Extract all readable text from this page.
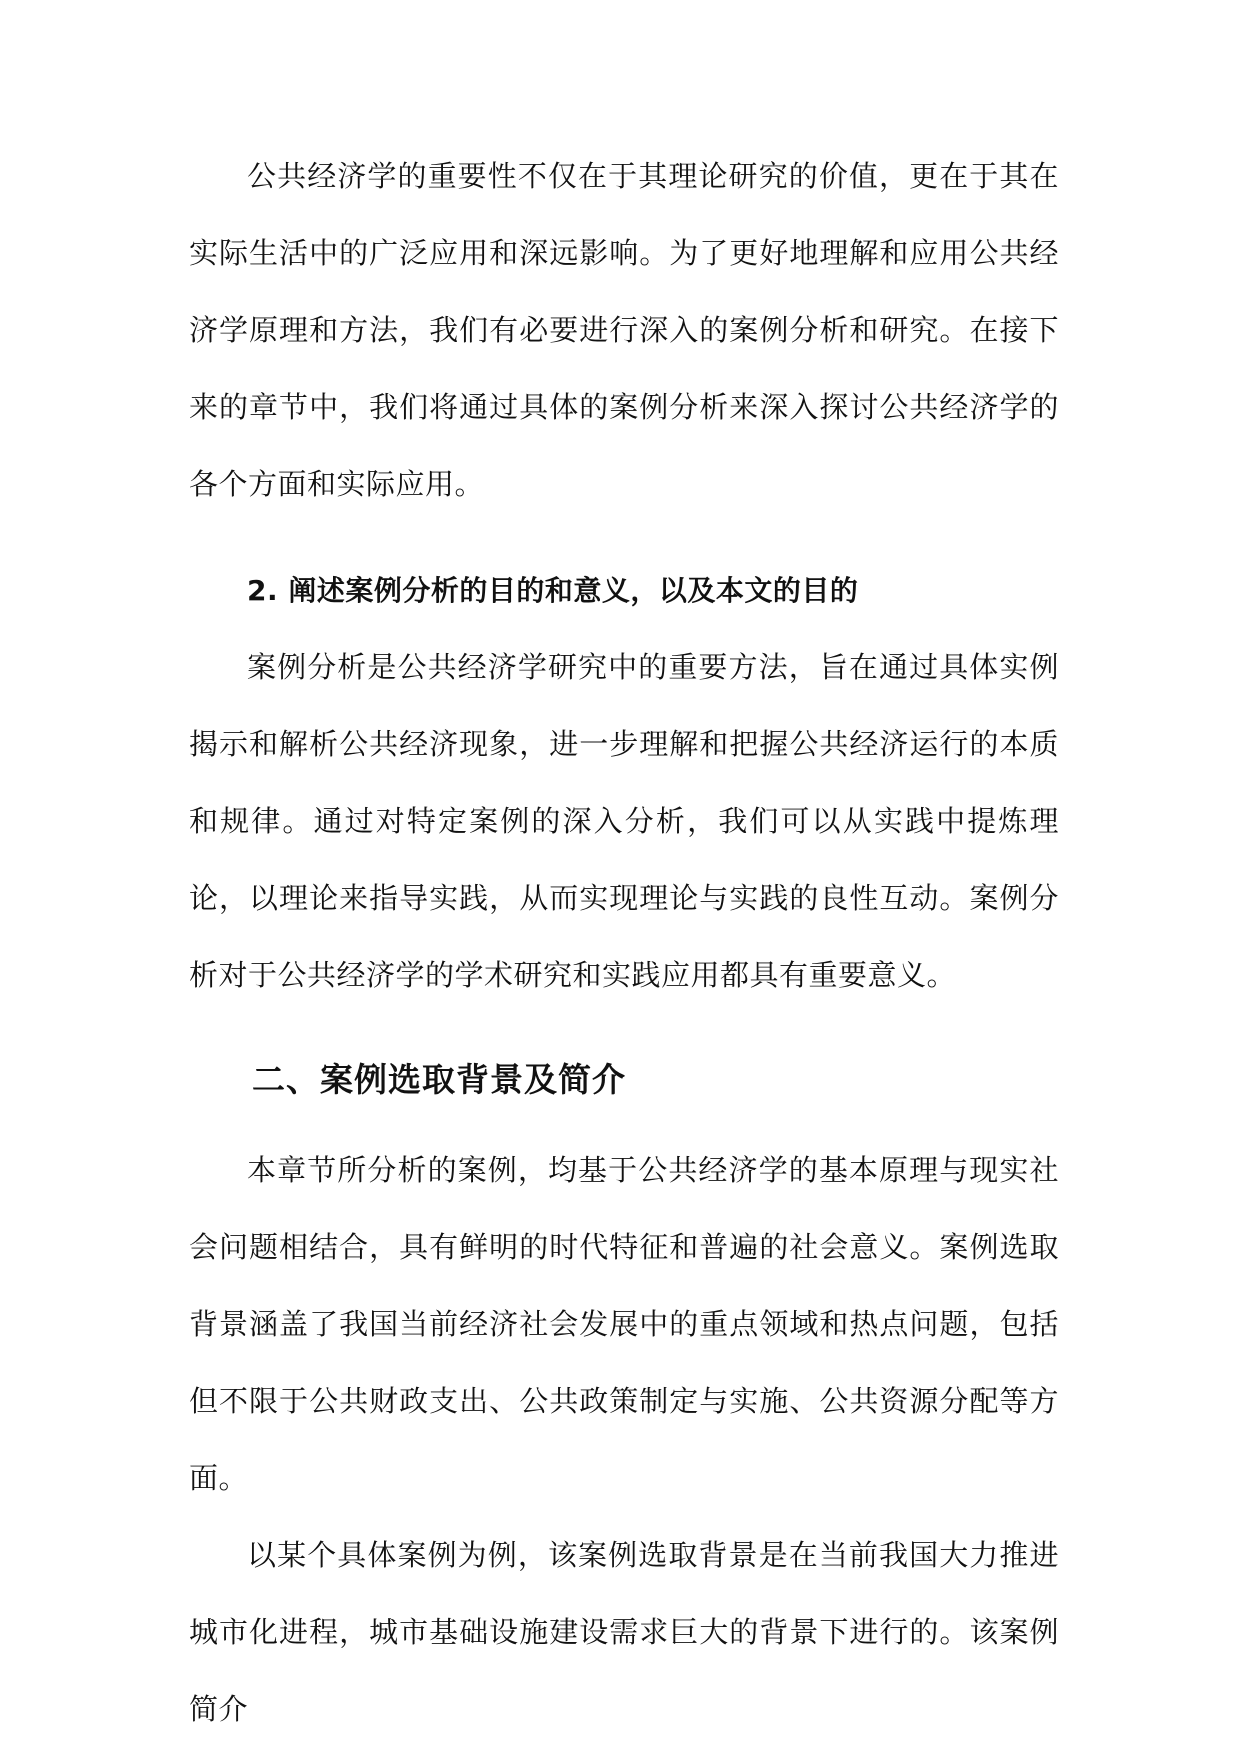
公共经济学的重要性不仅在于其理论研究的价值，更在于其在实际生活中的广泛应用和深远影响。为了更好地理解和应用公共经济学原理和方法，我们有必要进行深入的案例分析和研究。在接下来的章节中，我们将通过具体的案例分析来深入探讨公共经济学的各个方面和实际应用。

2. 阐述案例分析的目的和意义，以及本文的目的

案例分析是公共经济学研究中的重要方法，旨在通过具体实例揭示和解析公共经济现象，进一步理解和把握公共经济运行的本质和规律。通过对特定案例的深入分析，我们可以从实践中提炼理论，以理论来指导实践，从而实现理论与实践的良性互动。案例分析对于公共经济学的学术研究和实践应用都具有重要意义。

二、案例选取背景及简介

本章节所分析的案例，均基于公共经济学的基本原理与现实社会问题相结合，具有鲜明的时代特征和普遍的社会意义。案例选取背景涵盖了我国当前经济社会发展中的重点领域和热点问题，包括但不限于公共财政支出、公共政策制定与实施、公共资源分配等方面。

以某个具体案例为例，该案例选取背景是在当前我国大力推进城市化进程，城市基础设施建设需求巨大的背景下进行的。该案例简介
